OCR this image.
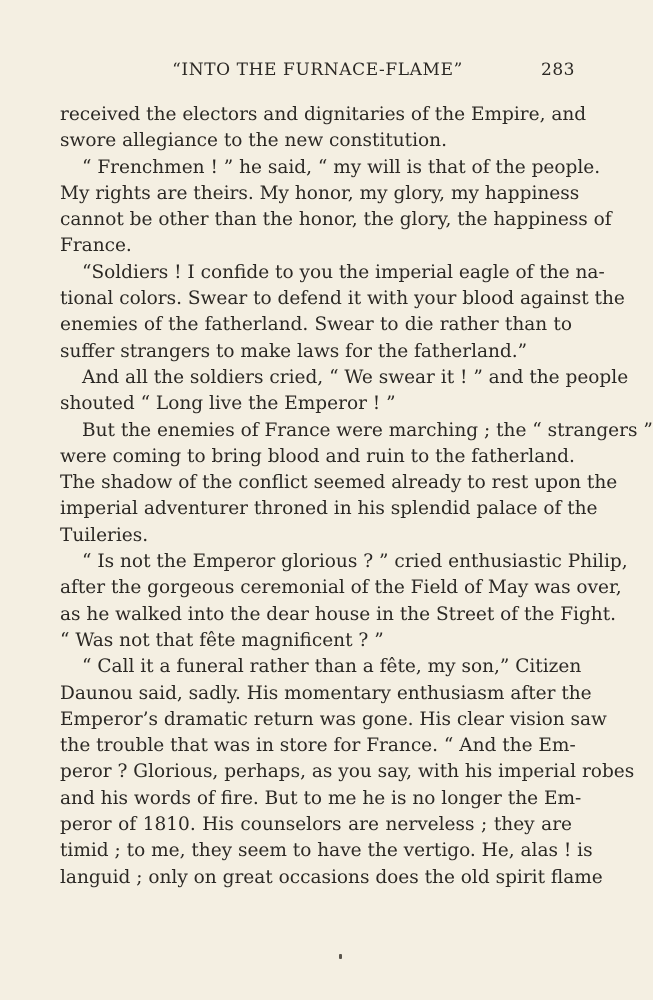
“INTO THE FURNACE-FLAME”	283
received the electors and dignitaries of the Empire, and
swore allegiance to the new constitution.
“ Frenchmen ! ” he said, “ my will is that of the people.
My rights are theirs. My honor, my glory, my happiness
cannot be other than the honor, the glory, the happiness of
France.
“Soldiers ! I confide to you the imperial eagle of the na-
tional colors. Swear to defend it with your blood against the
enemies of the fatherland. Swear to die rather than to
suffer strangers to make laws for the fatherland.”
And all the soldiers cried, “ We swear it ! ” and the people
shouted “ Long live the Emperor ! ”
But the enemies of France were marching ; the “ strangers ”
were coming to bring blood and ruin to the fatherland.
The shadow of the conflict seemed already to rest upon the
imperial adventurer throned in his splendid palace of the
Tuileries.
“ Is not the Emperor glorious ? ” cried enthusiastic Philip,
after the gorgeous ceremonial of the Field of May was over,
as he walked into the dear house in the Street of the Fight.
“ Was not that fête magnificent ? ”
“ Call it a funeral rather than a fête, my son,” Citizen
Daunou said, sadly. His momentary enthusiasm after the
Emperor’s dramatic return was gone. His clear vision saw
the trouble that was in store for France. “ And the Em-
peror ? Glorious, perhaps, as you say, with his imperial robes
and his words of fire. But to me he is no longer the Em-
peror of 1810. His counselors are nerveless ; they are
timid ; to me, they seem to have the vertigo. He, alas ! is
languid ; only on great occasions does the old spirit flame
